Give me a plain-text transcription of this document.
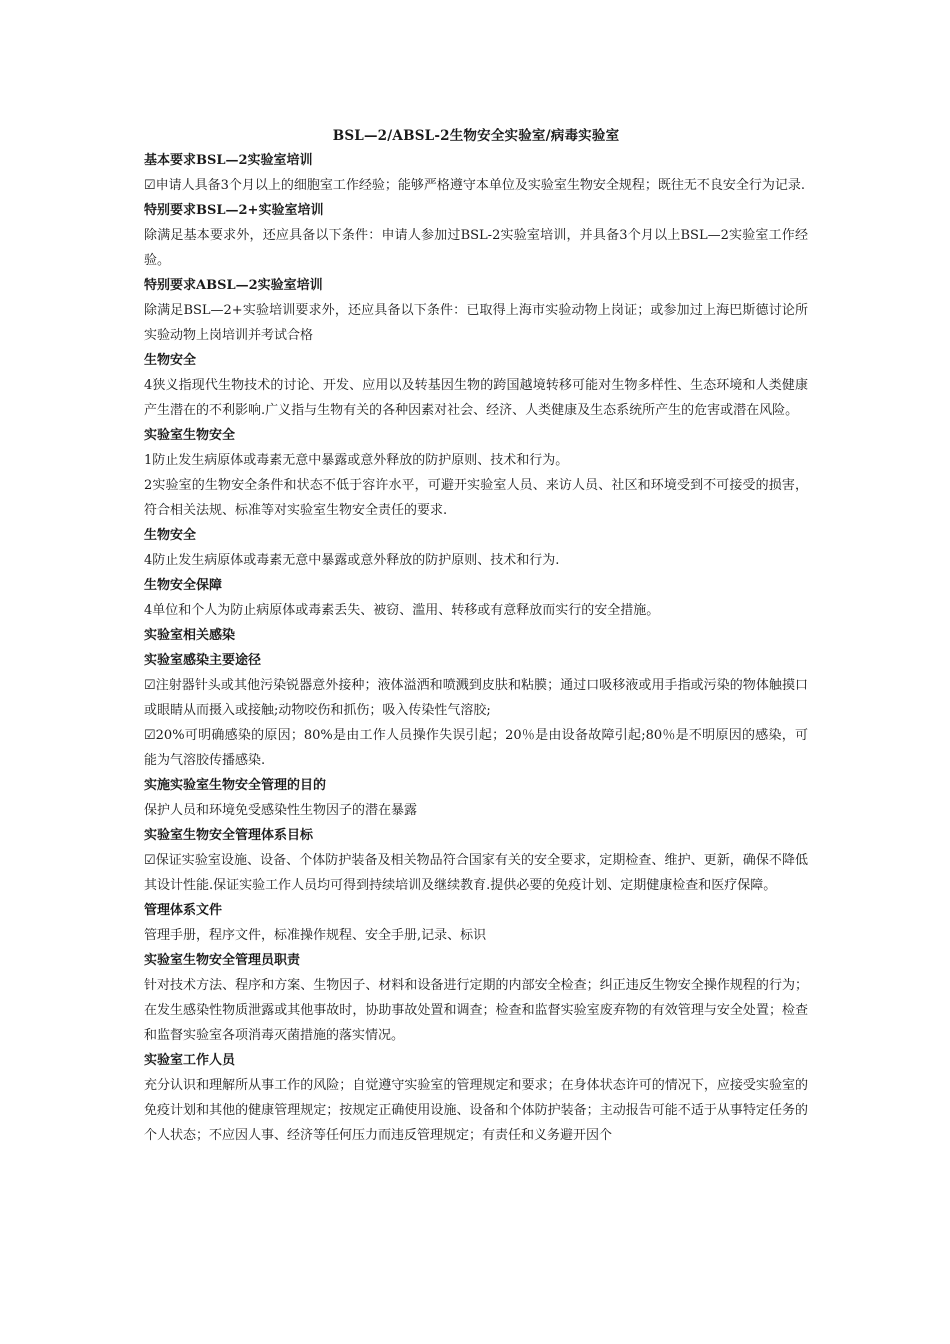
BSL—2/ABSL-2生物安全实验室/病毒实验室
基本要求BSL—2实验室培训
☑申请人具备3个月以上的细胞室工作经验；能够严格遵守本单位及实验室生物安全规程；既往无不良安全行为记录.
特别要求BSL—2+实验室培训
除满足基本要求外，还应具备以下条件：申请人参加过BSL-2实验室培训，并具备3个月以上BSL—2实验室工作经验。
特别要求ABSL—2实验室培训
除满足BSL—2+实验培训要求外，还应具备以下条件：已取得上海市实验动物上岗证；或参加过上海巴斯德讨论所实验动物上岗培训并考试合格
生物安全
4狭义指现代生物技术的讨论、开发、应用以及转基因生物的跨国越境转移可能对生物多样性、生态环境和人类健康产生潜在的不利影响.广义指与生物有关的各种因素对社会、经济、人类健康及生态系统所产生的危害或潜在风险。
实验室生物安全
1防止发生病原体或毒素无意中暴露或意外释放的防护原则、技术和行为。
2实验室的生物安全条件和状态不低于容许水平，可避开实验室人员、来访人员、社区和环境受到不可接受的损害，符合相关法规、标准等对实验室生物安全责任的要求.
生物安全
4防止发生病原体或毒素无意中暴露或意外释放的防护原则、技术和行为.
生物安全保障
4单位和个人为防止病原体或毒素丢失、被窃、滥用、转移或有意释放而实行的安全措施。
实验室相关感染
实验室感染主要途径
☑注射器针头或其他污染锐器意外接种；液体溢洒和喷溅到皮肤和粘膜；通过口吸移液或用手指或污染的物体触摸口或眼睛从而摄入或接触;动物咬伤和抓伤；吸入传染性气溶胶;
☑20%可明确感染的原因；80%是由工作人员操作失误引起；20％是由设备故障引起;80％是不明原因的感染，可能为气溶胶传播感染.
实施实验室生物安全管理的目的
保护人员和环境免受感染性生物因子的潜在暴露
实验室生物安全管理体系目标
☑保证实验室设施、设备、个体防护装备及相关物品符合国家有关的安全要求，定期检查、维护、更新，确保不降低其设计性能.保证实验工作人员均可得到持续培训及继续教育.提供必要的免疫计划、定期健康检查和医疗保障。
管理体系文件
管理手册，程序文件，标准操作规程、安全手册,记录、标识
实验室生物安全管理员职责
针对技术方法、程序和方案、生物因子、材料和设备进行定期的内部安全检查；纠正违反生物安全操作规程的行为；在发生感染性物质泄露或其他事故时，协助事故处置和调查；检查和监督实验室废弃物的有效管理与安全处置；检查和监督实验室各项消毒灭菌措施的落实情况。
实验室工作人员
充分认识和理解所从事工作的风险；自觉遵守实验室的管理规定和要求；在身体状态许可的情况下，应接受实验室的免疫计划和其他的健康管理规定；按规定正确使用设施、设备和个体防护装备；主动报告可能不适于从事特定任务的个人状态；不应因人事、经济等任何压力而违反管理规定；有责任和义务避开因个
